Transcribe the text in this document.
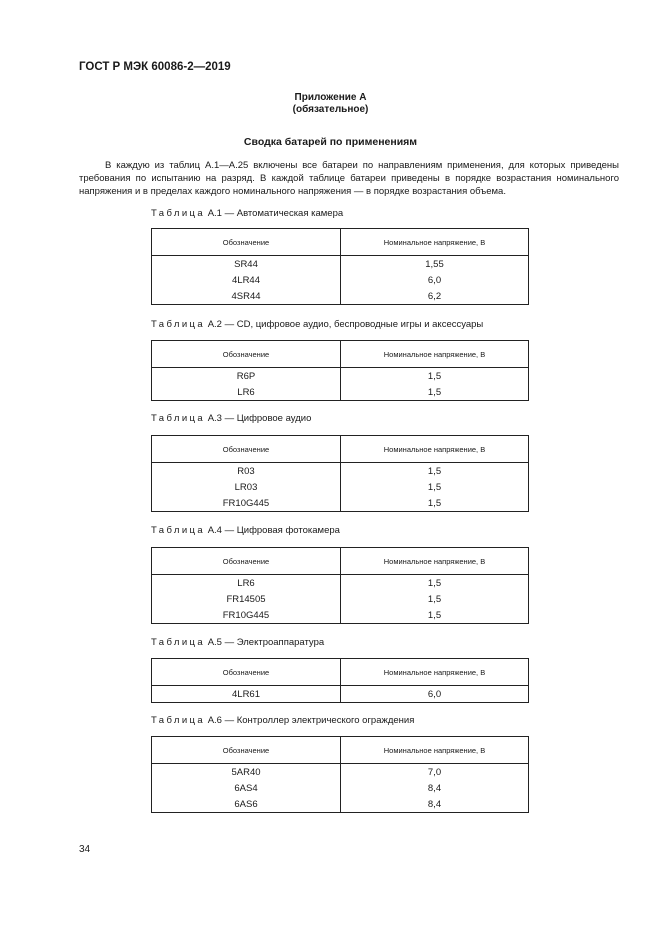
ГОСТ Р МЭК 60086-2—2019
Приложение А
(обязательное)
Сводка батарей по применениям

В каждую из таблиц А.1—А.25 включены все батареи по направлениям применения, для которых приведены требования по испытанию на разряд. В каждой таблице батареи приведены в порядке возрастания номинального напряжения и в пределах каждого номинального напряжения — в порядке возрастания объема.

Таблица А.1 — Автоматическая камера
Обозначение	Номинальное напряжение, В
SR44	1,55
4LR44	6,0
4SR44	6,2
Таблица А.2 — CD, цифровое аудио, беспроводные игры и аксессуары
Обозначение	Номинальное напряжение, В
R6P	1,5
LR6	1,5
Таблица А.3 — Цифровое аудио
Обозначение	Номинальное напряжение, В
R03	1,5
LR03	1,5
FR10G445	1,5
Таблица А.4 — Цифровая фотокамера
Обозначение	Номинальное напряжение, В
LR6	1,5
FR14505	1,5
FR10G445	1,5
Таблица А.5 — Электроаппаратура
Обозначение	Номинальное напряжение, В
4LR61	6,0
Таблица А.6 — Контроллер электрического ограждения
Обозначение	Номинальное напряжение, В
5AR40	7,0
6AS4	8,4
6AS6	8,4
34
